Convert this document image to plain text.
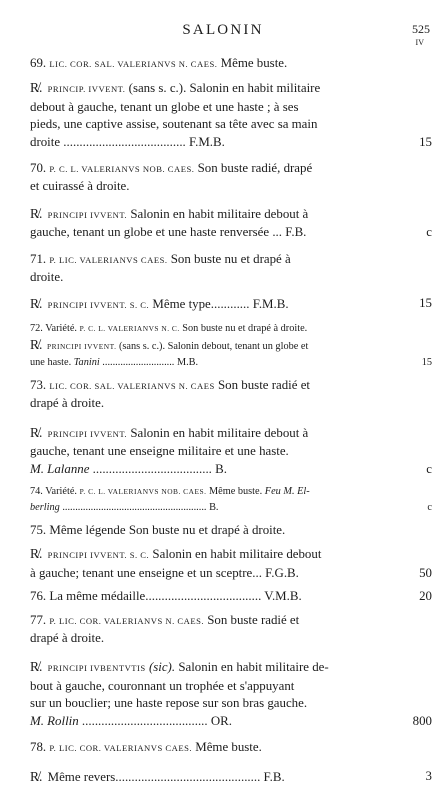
SALONIN	525
IV
69. LIC. COR. SAL. VALERIANVS N. CAES. Même buste.
R̸. PRINCIP. IVVENT. (sans s. c.). Salonin en habit militaire
debout à gauche, tenant un globe et une haste ; à ses
pieds, une captive assise, soutenant sa tête avec sa main
droite ...................................... F.M.B.	15
70. P. C. L. VALERIANVS NOB. CAES. Son buste radié, drapé
et cuirassé à droite.
R̸. PRINCIPI IVVENT. Salonin en habit militaire debout à
gauche, tenant un globe et une haste renversée ... F.B.	c
71. P. LIC. VALERIANVS CAES. Son buste nu et drapé à
droite.
R̸. PRINCIPI IVVENT. S. C. Même type............ F.M.B.	15
72. Variété. P. C. L. VALERIANVS N. C. Son buste nu et drapé à droite.
R̸. PRINCIPI IVVENT. (sans s. c.). Salonin debout, tenant un globe et
une haste. Tanini ............................ M.B.	15
73. LIC. COR. SAL. VALERIANVS N. CAES Son buste radié et
drapé à droite.
R̸. PRINCIPI IVVENT. Salonin en habit militaire debout à
gauche, tenant une enseigne militaire et une haste.
M. Lalanne ..................................... B.	c
74. Variété. P. C. L. VALERIANVS NOB. CAES. Même buste. Feu M. El-
berling ........................................................ B.	c
75. Même légende Son buste nu et drapé à droite.
R̸. PRINCIPI IVVENT. S. C. Salonin en habit militaire debout
à gauche; tenant une enseigne et un sceptre... F.G.B.	50
76. La même médaille.................................... V.M.B.	20
77. P. LIC. COR. VALERIANVS N. CAES. Son buste radié et
drapé à droite.
R̸. PRINCIPI IVBENTVTIS (sic). Salonin en habit militaire de-
bout à gauche, couronnant un trophée et s'appuyant
sur un bouclier; une haste repose sur son bras gauche.
M. Rollin ....................................... OR.	800
78. P. LIC. COR. VALERIANVS CAES. Même buste.
R̸. Même revers............................................. F.B.	3
